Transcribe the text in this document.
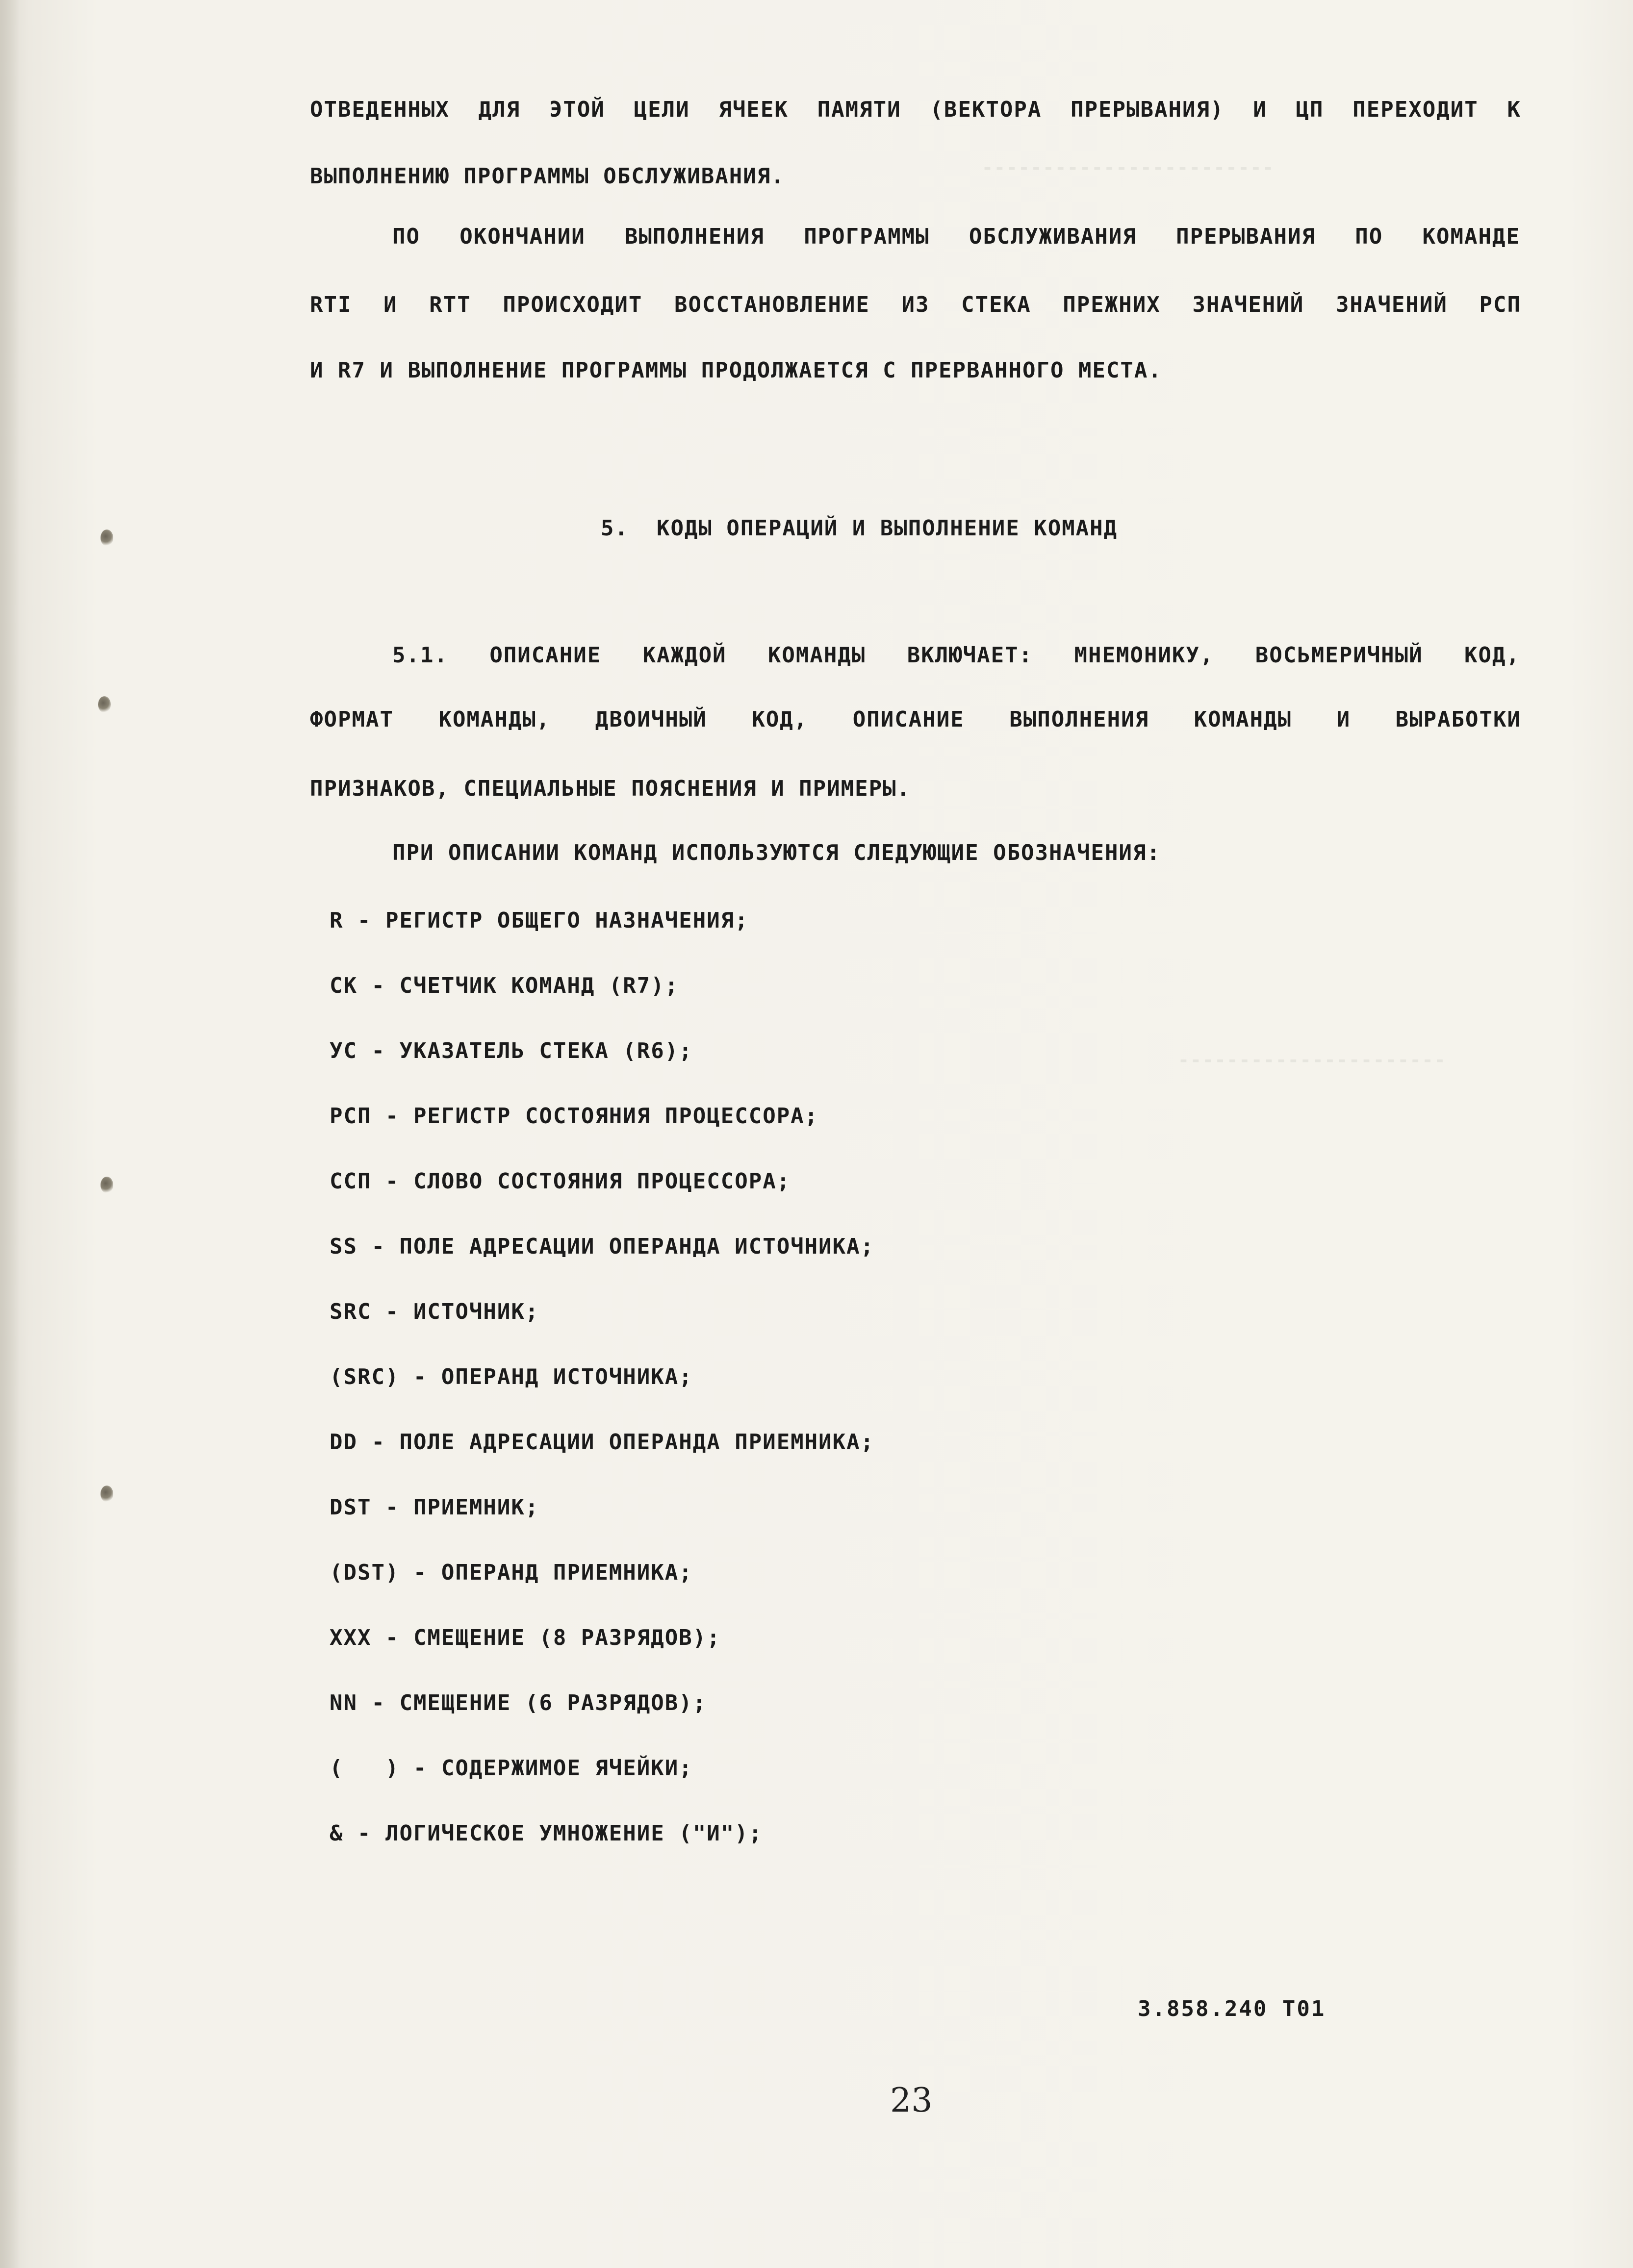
------------------------
----------------------
ОТВЕДЕННЫХ ДЛЯ ЭТОЙ ЦЕЛИ ЯЧЕЕК ПАМЯТИ (ВЕКТОРА ПРЕРЫВАНИЯ) И ЦП ПЕРЕХОДИТ К
ВЫПОЛНЕНИЮ ПРОГРАММЫ ОБСЛУЖИВАНИЯ.
ПО ОКОНЧАНИИ ВЫПОЛНЕНИЯ ПРОГРАММЫ ОБСЛУЖИВАНИЯ ПРЕРЫВАНИЯ ПО КОМАНДЕ
RTI И RTT ПРОИСХОДИТ ВОССТАНОВЛЕНИЕ ИЗ СТЕКА ПРЕЖНИХ ЗНАЧЕНИЙ ЗНАЧЕНИЙ РСП
И R7 И ВЫПОЛНЕНИЕ ПРОГРАММЫ ПРОДОЛЖАЕТСЯ С ПРЕРВАННОГО МЕСТА.
5.  КОДЫ ОПЕРАЦИЙ И ВЫПОЛНЕНИЕ КОМАНД
5.1. ОПИСАНИЕ КАЖДОЙ КОМАНДЫ ВКЛЮЧАЕТ: МНЕМОНИКУ, ВОСЬМЕРИЧНЫЙ КОД,
ФОРМАТ КОМАНДЫ, ДВОИЧНЫЙ КОД, ОПИСАНИЕ ВЫПОЛНЕНИЯ КОМАНДЫ И ВЫРАБОТКИ
ПРИЗНАКОВ, СПЕЦИАЛЬНЫЕ ПОЯСНЕНИЯ И ПРИМЕРЫ.
ПРИ ОПИСАНИИ КОМАНД ИСПОЛЬЗУЮТСЯ СЛЕДУЮЩИЕ ОБОЗНАЧЕНИЯ:
R - РЕГИСТР ОБЩЕГО НАЗНАЧЕНИЯ;
СК - СЧЕТЧИК КОМАНД (R7);
УС - УКАЗАТЕЛЬ СТЕКА (R6);
РСП - РЕГИСТР СОСТОЯНИЯ ПРОЦЕССОРА;
ССП - СЛОВО СОСТОЯНИЯ ПРОЦЕССОРА;
SS - ПОЛЕ АДРЕСАЦИИ ОПЕРАНДА ИСТОЧНИКА;
SRC - ИСТОЧНИК;
(SRC) - ОПЕРАНД ИСТОЧНИКА;
DD - ПОЛЕ АДРЕСАЦИИ ОПЕРАНДА ПРИЕМНИКА;
DST - ПРИЕМНИК;
(DST) - ОПЕРАНД ПРИЕМНИКА;
ХХХ - СМЕЩЕНИЕ (8 РАЗРЯДОВ);
NN - СМЕЩЕНИЕ (6 РАЗРЯДОВ);
(   ) - СОДЕРЖИМОЕ ЯЧЕЙКИ;
& - ЛОГИЧЕСКОЕ УМНОЖЕНИЕ ("И");
3.858.240 Т01
23
